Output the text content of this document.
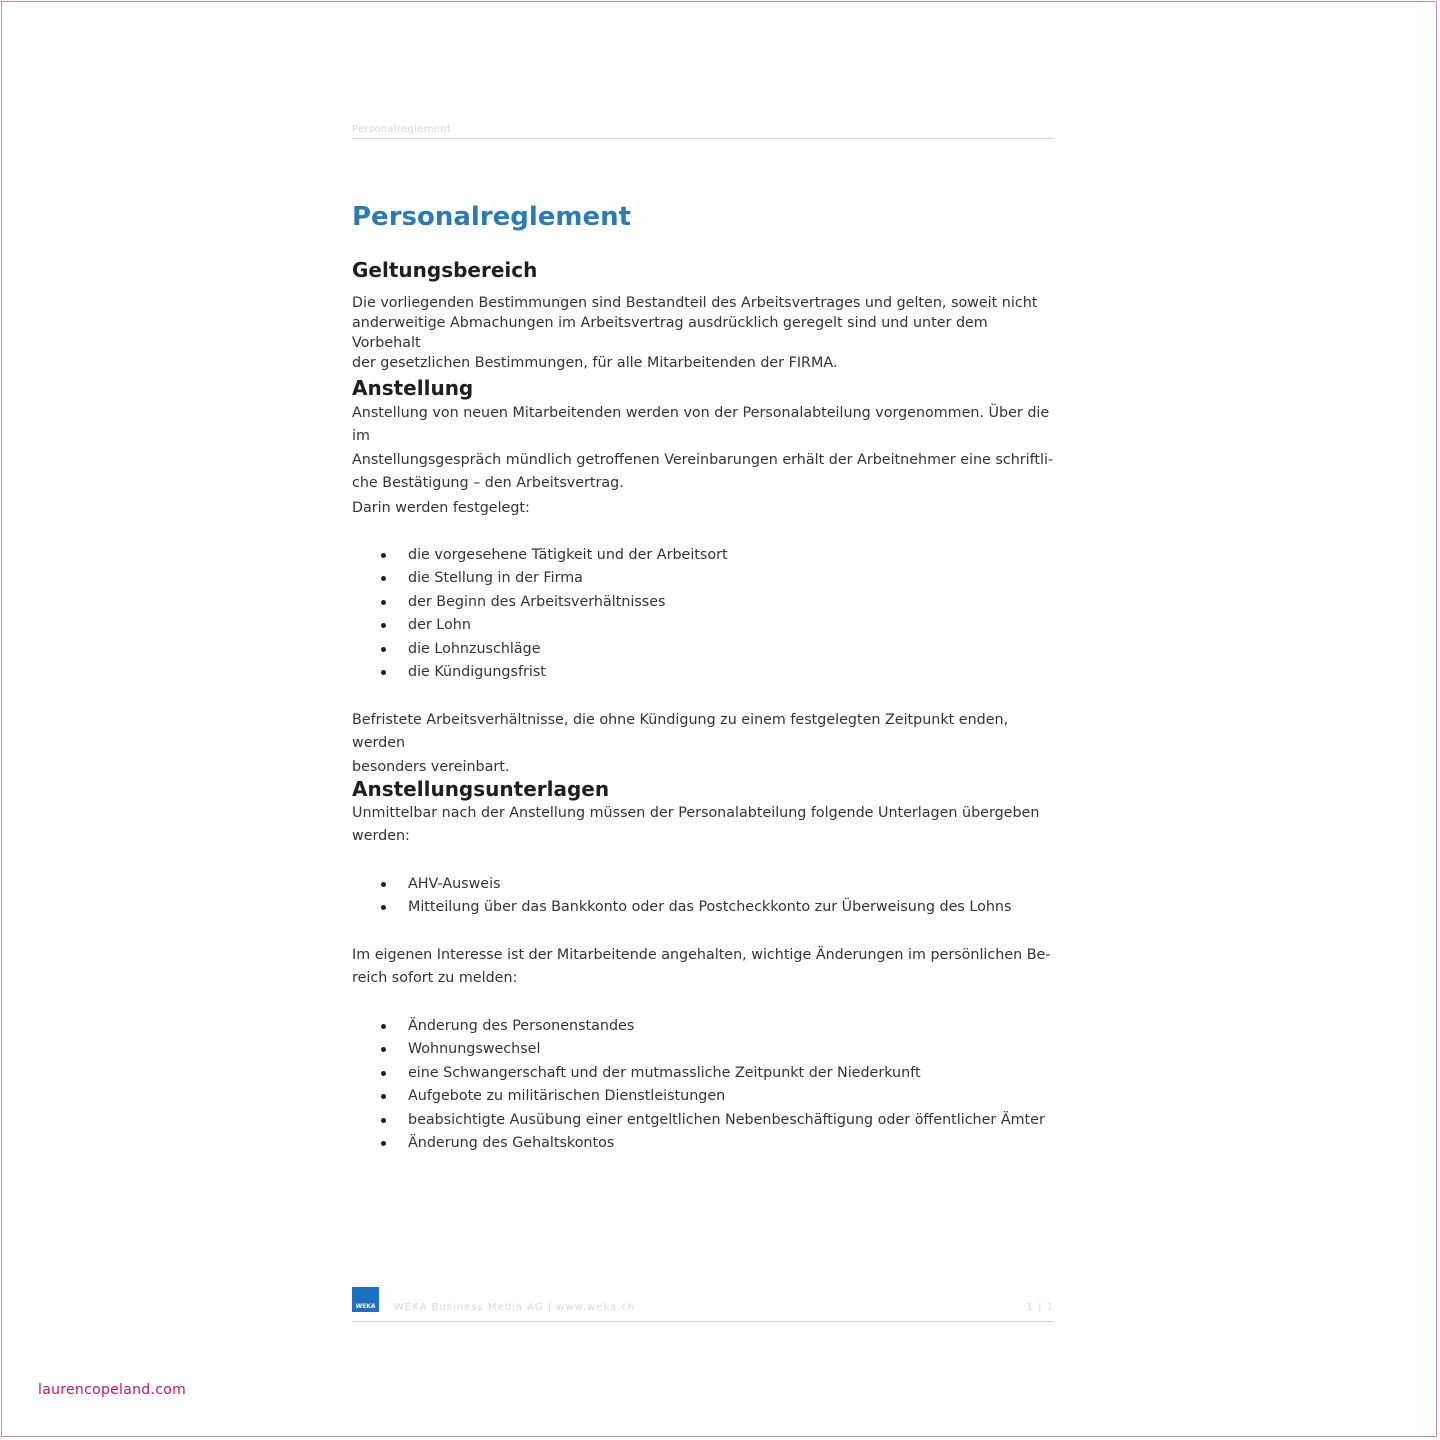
Personalreglement
Personalreglement
Geltungsbereich
Die vorliegenden Bestimmungen sind Bestandteil des Arbeitsvertrages und gelten, soweit nicht
anderweitige Abmachungen im Arbeitsvertrag ausdrücklich geregelt sind und unter dem Vorbehalt
der gesetzlichen Bestimmungen, für alle Mitarbeitenden der FIRMA.
Anstellung
Anstellung von neuen Mitarbeitenden werden von der Personalabteilung vorgenommen. Über die im
Anstellungsgespräch mündlich getroffenen Vereinbarungen erhält der Arbeitnehmer eine schriftli-
che Bestätigung – den Arbeitsvertrag.
Darin werden festgelegt:
die vorgesehene Tätigkeit und der Arbeitsort
die Stellung in der Firma
der Beginn des Arbeitsverhältnisses
der Lohn
die Lohnzuschläge
die Kündigungsfrist
Befristete Arbeitsverhältnisse, die ohne Kündigung zu einem festgelegten Zeitpunkt enden, werden
besonders vereinbart.
Anstellungsunterlagen
Unmittelbar nach der Anstellung müssen der Personalabteilung folgende Unterlagen übergeben
werden:
AHV-Ausweis
Mitteilung über das Bankkonto oder das Postcheckkonto zur Überweisung des Lohns
Im eigenen Interesse ist der Mitarbeitende angehalten, wichtige Änderungen im persönlichen Be-
reich sofort zu melden:
Änderung des Personenstandes
Wohnungswechsel
eine Schwangerschaft und der mutmassliche Zeitpunkt der Niederkunft
Aufgebote zu militärischen Dienstleistungen
beabsichtigte Ausübung einer entgeltlichen Nebenbeschäftigung oder öffentlicher Ämter
Änderung des Gehaltskontos
WEKA	WEKA Business Media AG | www.weka.ch	1 | 1
laurencopeland.com
